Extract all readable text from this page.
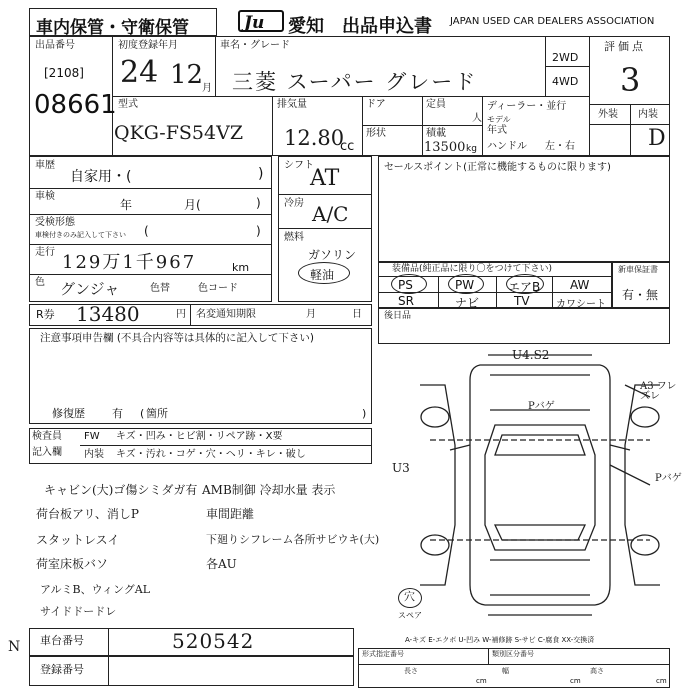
車内保管・守衛保管	Ju 愛知 出品申込書 JAPAN USED CAR DEALERS ASSOCIATION
出品番号
[2108]
08661
初度登録年月
24 12
月
車名・グレード
三菱 スーパー グレード
2WD
4WD
評価点
3
外装 内装
D
型式
QKG-FS54VZ
排気量
12.80
cc
ドア
形状
定員
人
積載
13500 kg
ディーラー・並行
モデル
年式
ハンドル 左・右
車歴
自家用・(	)
車検
年	月(	)
受検形態
車検付きのみ記入して下さい (	)
走行 129万1千967	km
色 グンジャ	色替	色コード
シフト
AT
冷房 A/C
燃料
ガソリン
軽油
セールスポイント(正常に機能するものに限ります)
装備品(純正品に限り〇をつけて下さい)
PS	PW	エアB AW
SR	ナビ	TV	カワシート
新車保証書
有・無
R券 13480	円 名変通知期限	月	日 後日品
注意事項申告欄 (不具合内容等は具体的に記入して下さい)
修復歴 有 ( 箇所	)
検査員
記入欄
FW キズ・凹み・ヒビ割・リペア跡・X要
内装 キズ・汚れ・コゲ・穴・ヘリ・キレ・破し
キャビン(大)ゴ傷シミダガ有
荷台板アリ、消しP
スタットレスイ
荷室床板バソ
アルミB、ウィングAL
サイドドードレ
AMB制御 冷却水量 表示
車間距離
下廻りシフレーム各所サビウキ(大)
各AU
U4.S2
A3 フレズレ
Pバゲ
U3
Pバゲ
穴
スペア
A-キズ E-エクボ U-凹み W-補修跡 S-サビ C-腐食 XX-交換済
N 車台番号	520542
登録番号
形式指定番号	類別区分番号
長さ	幅	高さ
cm	cm	cm
